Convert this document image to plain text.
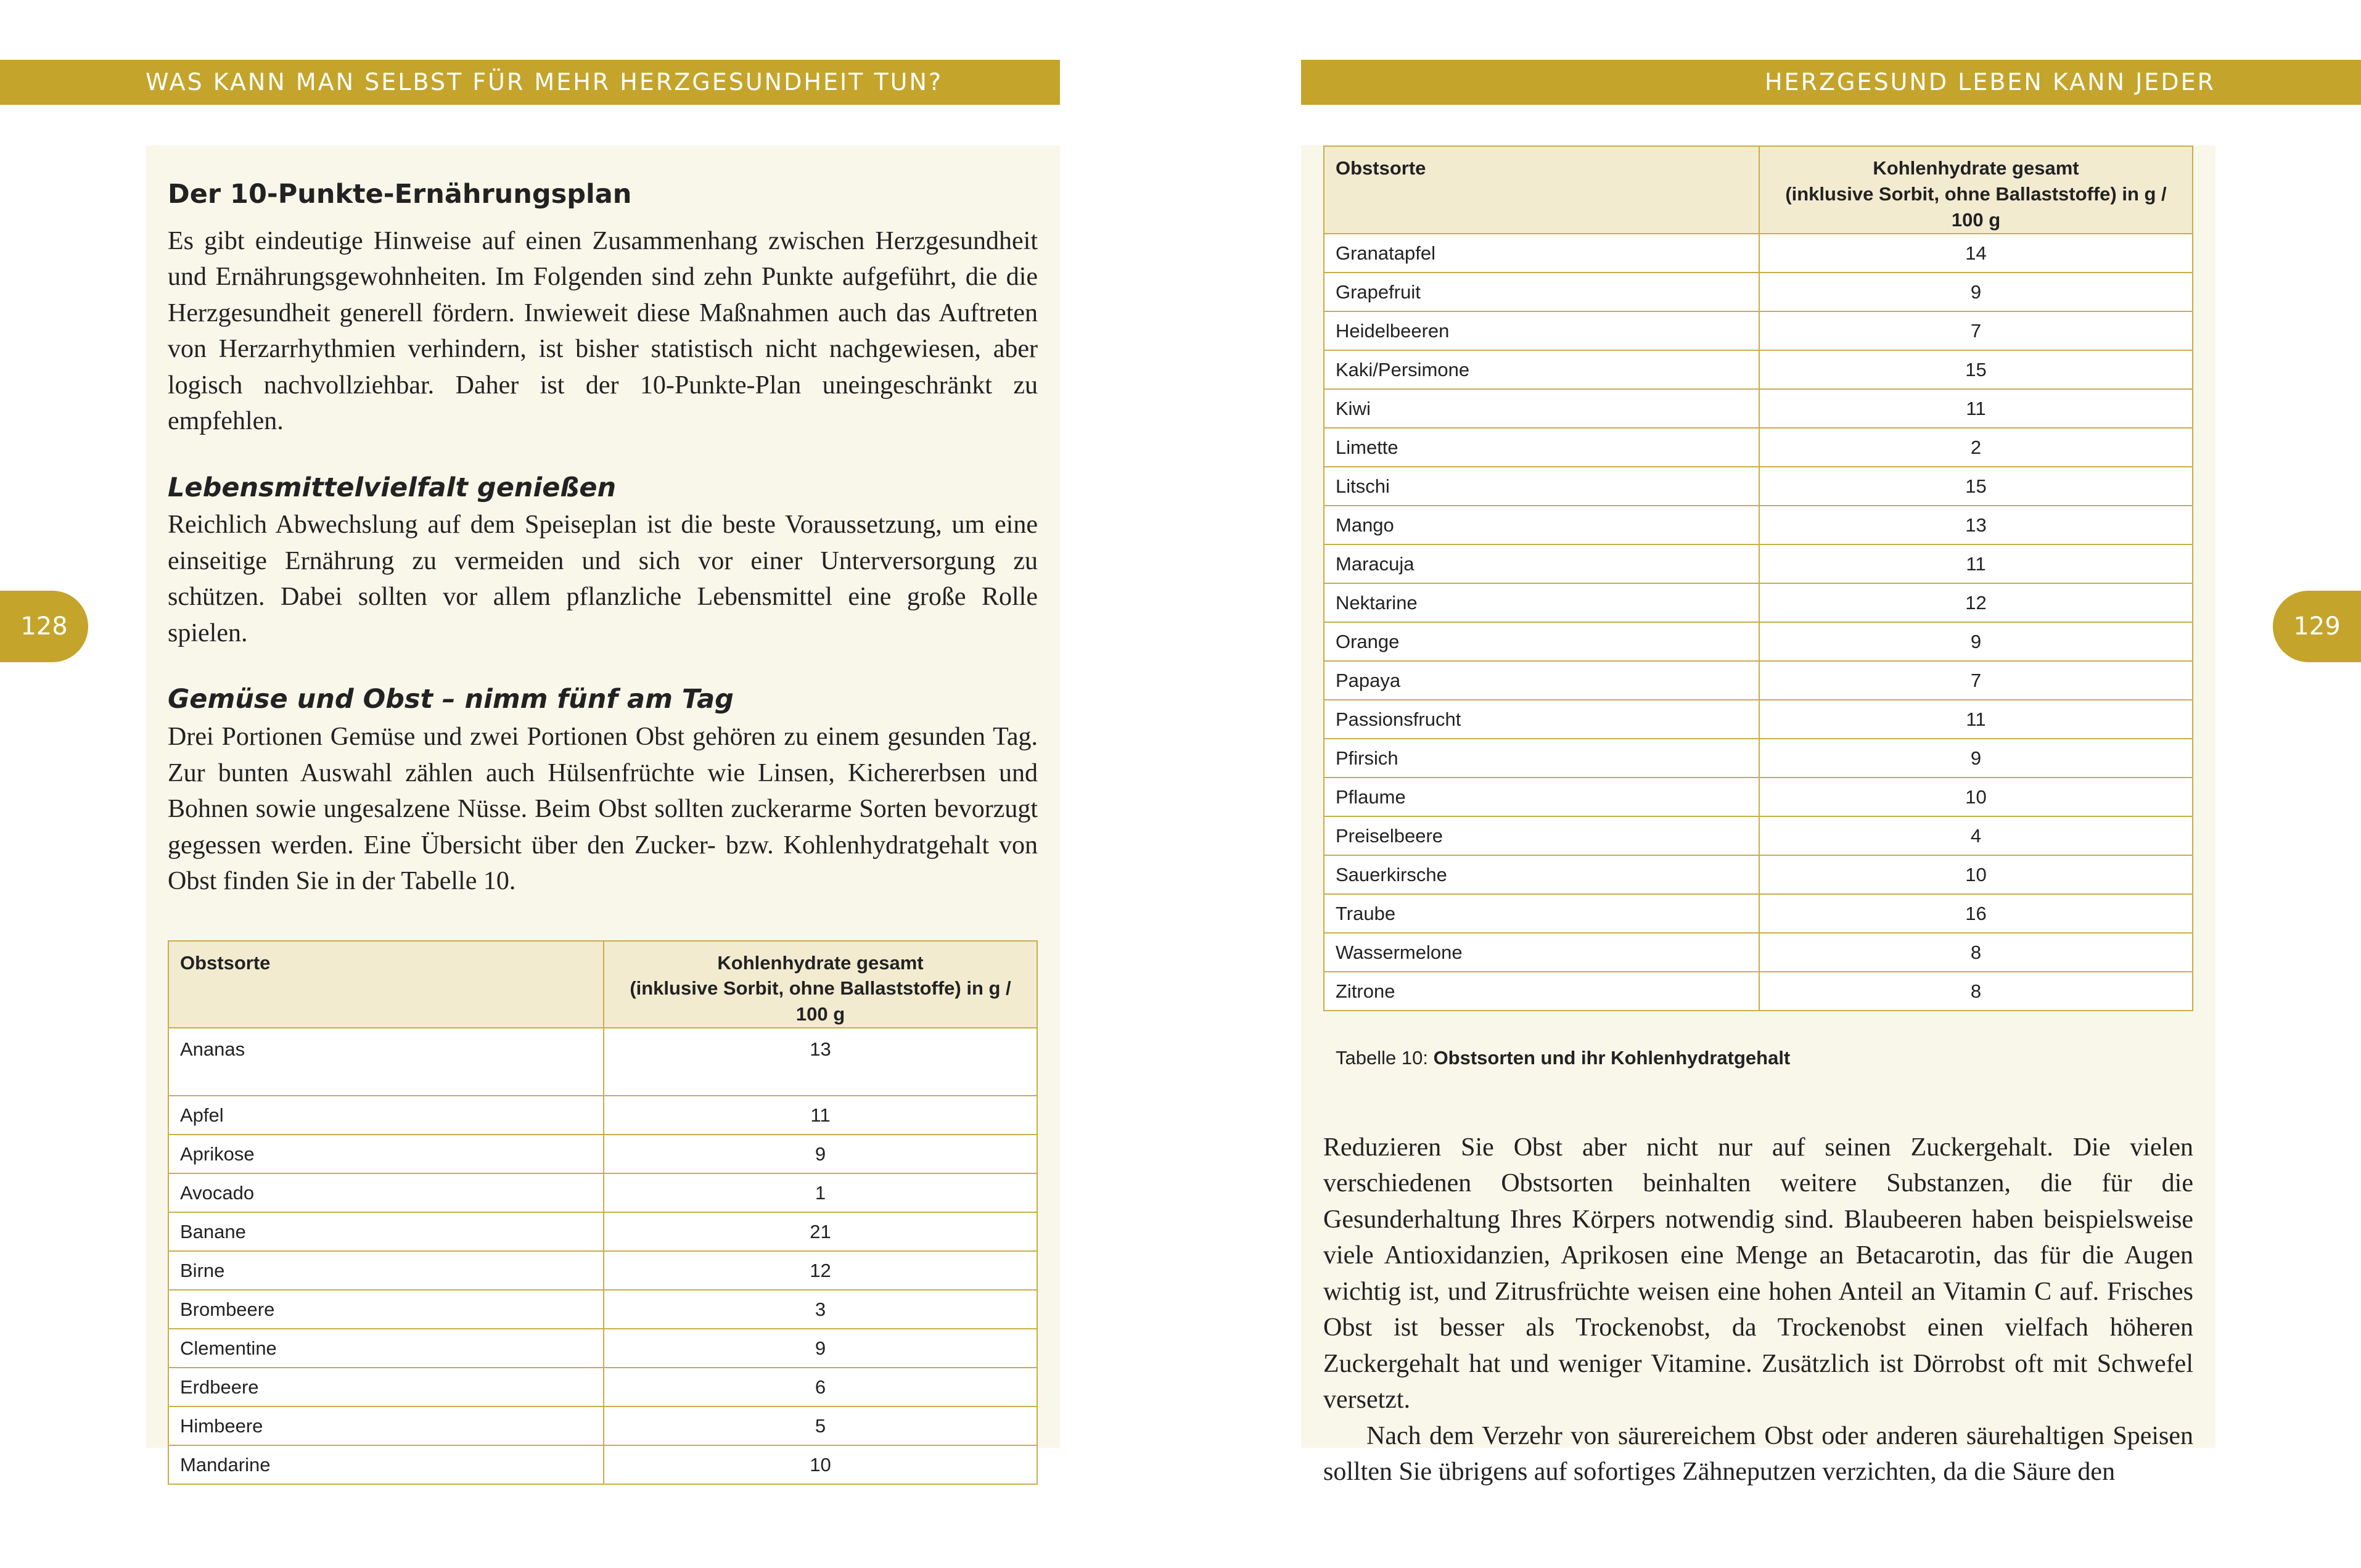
WAS KANN MAN SELBST FÜR MEHR HERZGESUNDHEIT TUN?	HERZGESUND LEBEN KANN JEDER
128	129
Der 10-Punkte-Ernährungsplan

Es gibt eindeutige Hinweise auf einen Zusammenhang zwischen Herzgesundheit und Ernährungsgewohnheiten. Im Folgenden sind zehn Punkte aufgeführt, die die Herzgesundheit generell fördern. Inwieweit diese Maßnahmen auch das Auftreten von Herzarrhythmien verhindern, ist bisher statistisch nicht nachgewiesen, aber logisch nachvollziehbar. Daher ist der 10-Punkte-Plan uneingeschränkt zu empfehlen.

Lebensmittelvielfalt genießen

Reichlich Abwechslung auf dem Speiseplan ist die beste Voraussetzung, um eine einseitige Ernährung zu vermeiden und sich vor einer Unterversorgung zu schützen. Dabei sollten vor allem pflanzliche Lebensmittel eine große Rolle spielen.

Gemüse und Obst – nimm fünf am Tag

Drei Portionen Gemüse und zwei Portionen Obst gehören zu einem gesunden Tag. Zur bunten Auswahl zählen auch Hülsenfrüchte wie Linsen, Kichererbsen und Bohnen sowie ungesalzene Nüsse. Beim Obst sollten zuckerarme Sorten bevorzugt gegessen werden. Eine Übersicht über den Zucker- bzw. Kohlenhydratgehalt von Obst finden Sie in der Tabelle 10.

Obstsorte	Kohlenhydrate gesamt
(inklusive Sorbit, ohne Ballaststoffe) in g / 100 g
Ananas	13
Apfel	11
Aprikose	9
Avocado	1
Banane	21
Birne	12
Brombeere	3
Clementine	9
Erdbeere	6
Himbeere	5
Mandarine	10
Obstsorte	Kohlenhydrate gesamt
(inklusive Sorbit, ohne Ballaststoffe) in g / 100 g
Granatapfel	14
Grapefruit	9
Heidelbeeren	7
Kaki/Persimone	15
Kiwi	11
Limette	2
Litschi	15
Mango	13
Maracuja	11
Nektarine	12
Orange	9
Papaya	7
Passionsfrucht	11
Pfirsich	9
Pflaume	10
Preiselbeere	4
Sauerkirsche	10
Traube	16
Wassermelone	8
Zitrone	8

Tabelle 10: Obstsorten und ihr Kohlenhydratgehalt

Reduzieren Sie Obst aber nicht nur auf seinen Zuckergehalt. Die vielen verschiedenen Obstsorten beinhalten weitere Substanzen, die für die Gesunderhaltung Ihres Körpers notwendig sind. Blaubeeren haben beispielsweise viele Antioxidanzien, Aprikosen eine Menge an Betacarotin, das für die Augen wichtig ist, und Zitrusfrüchte weisen eine hohen Anteil an Vitamin C auf. Frisches Obst ist besser als Trockenobst, da Trockenobst einen vielfach höheren Zuckergehalt hat und weniger Vitamine. Zusätzlich ist Dörrobst oft mit Schwefel versetzt.

Nach dem Verzehr von säurereichem Obst oder anderen säurehaltigen Speisen sollten Sie übrigens auf sofortiges Zähneputzen verzichten, da die Säure den
